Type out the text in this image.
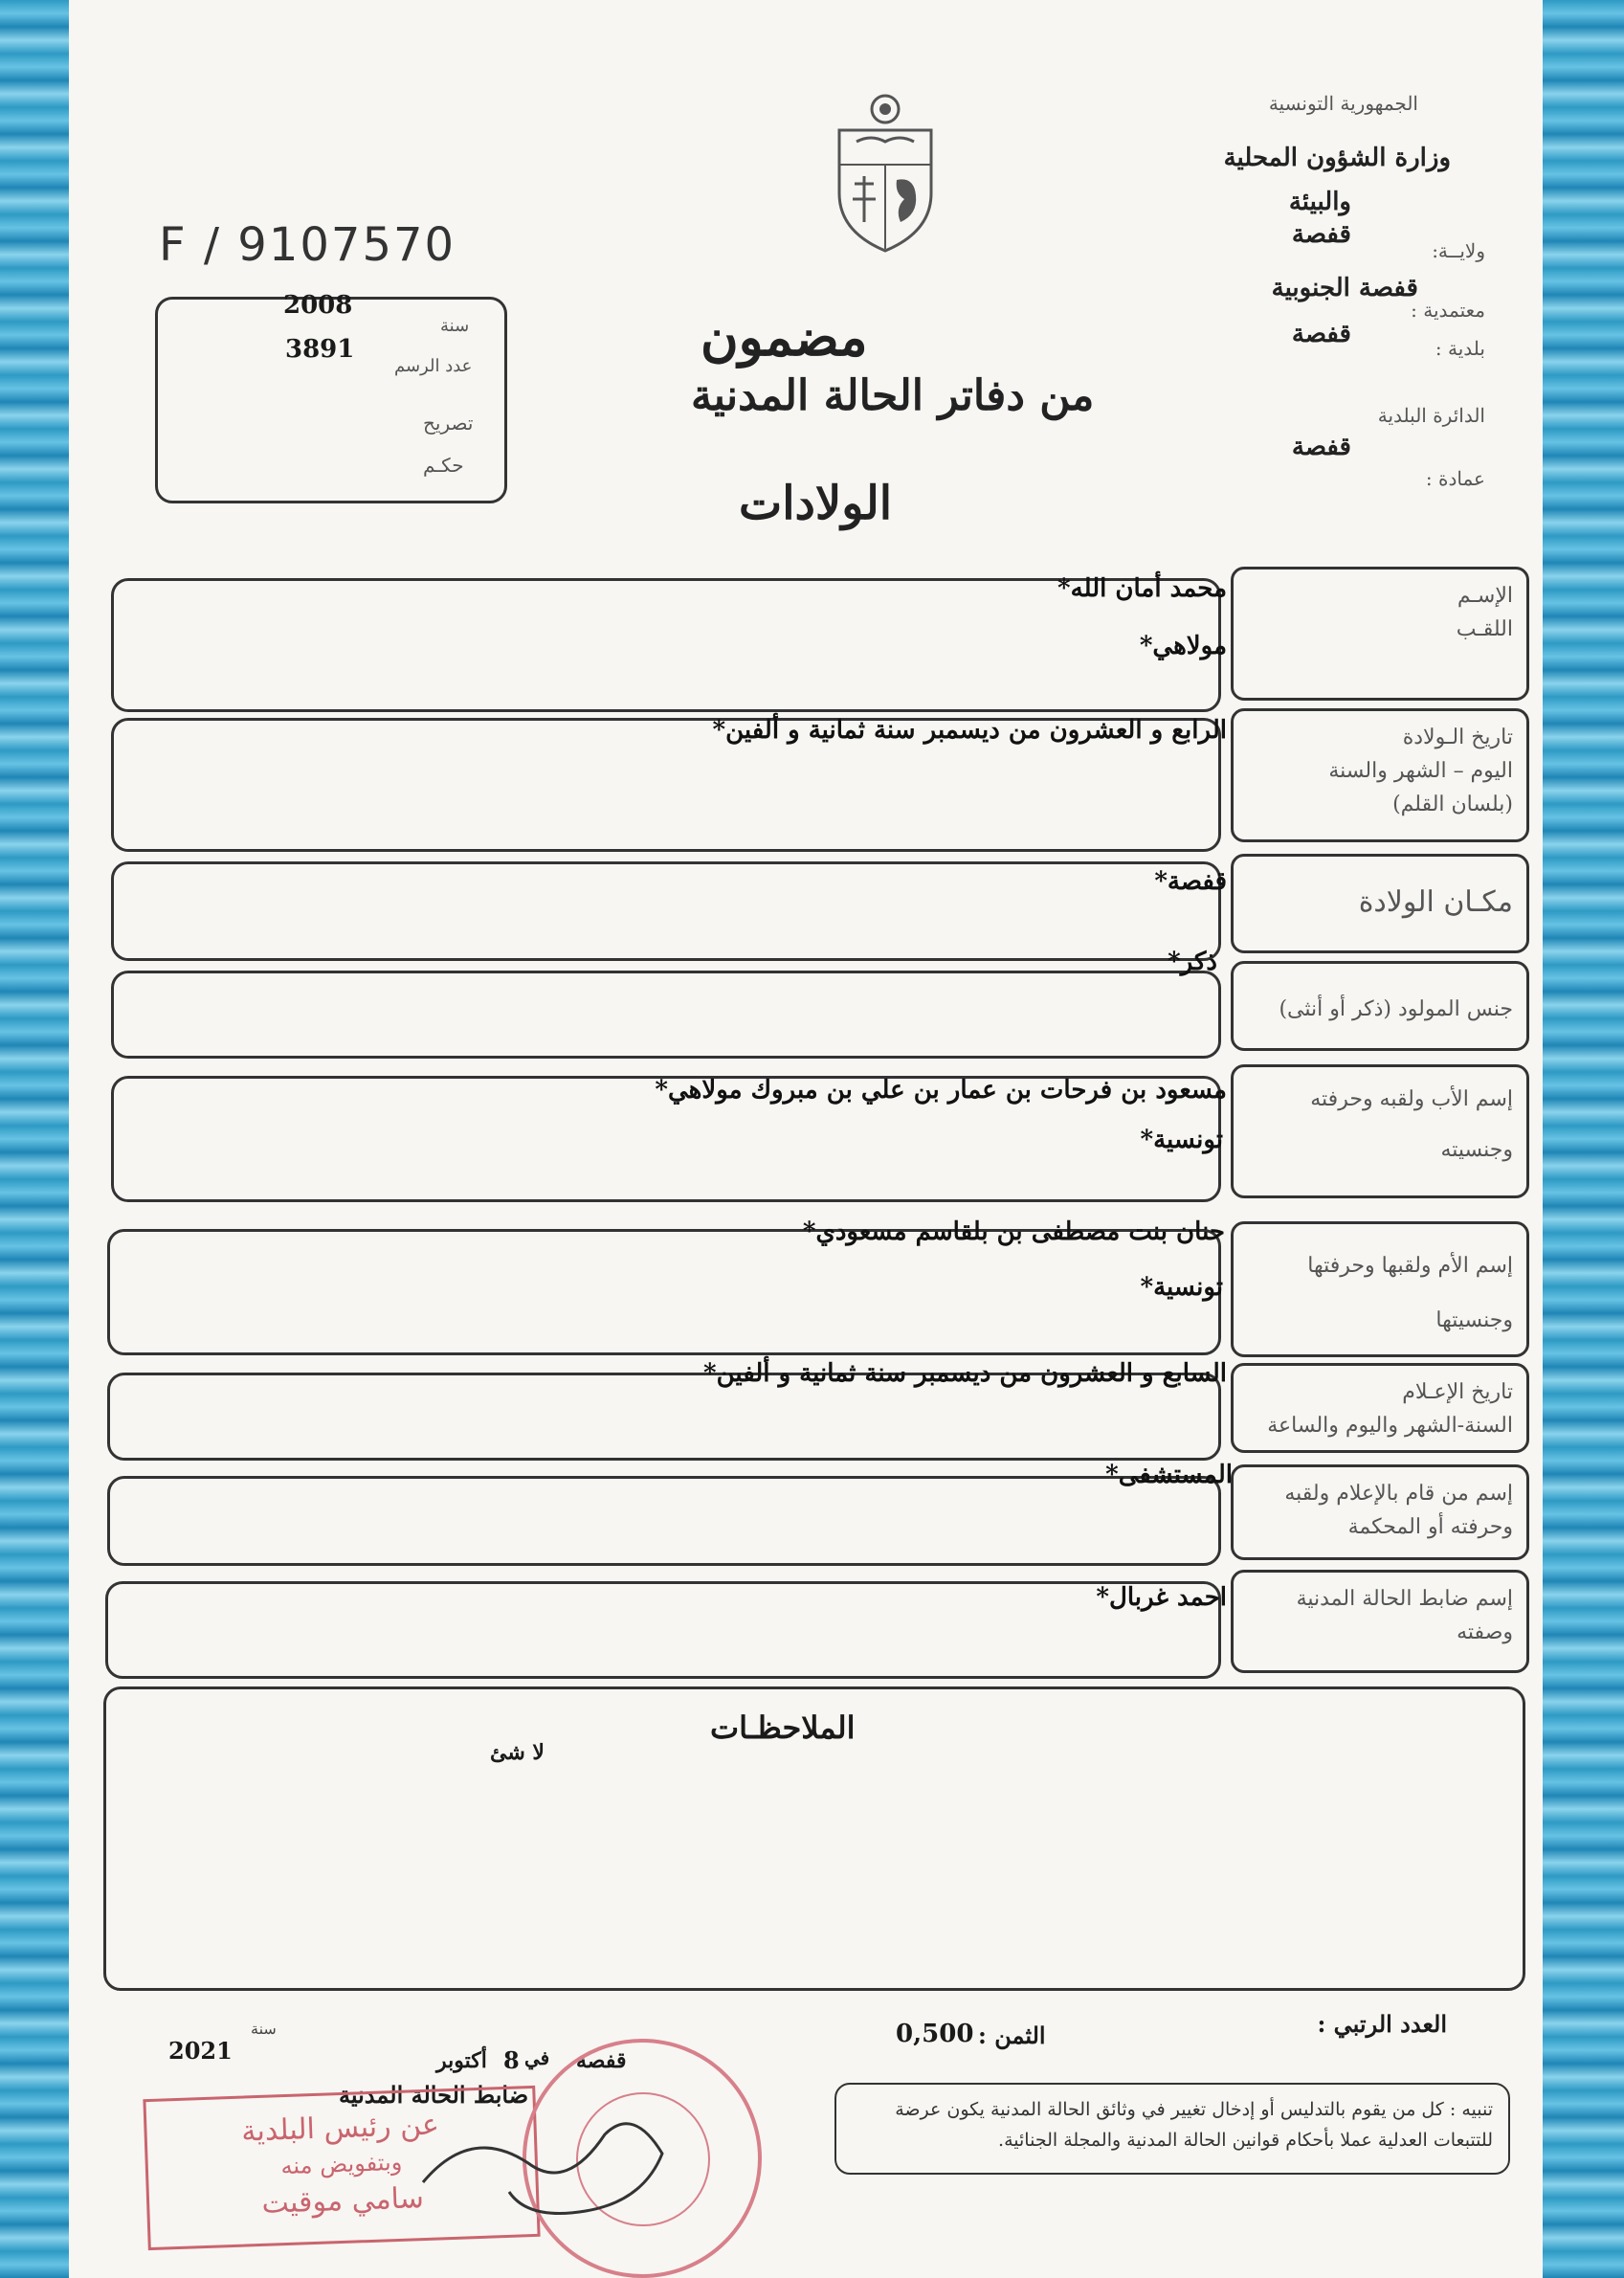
الجمهورية التونسية
وزارة الشؤون المحلية
والبيئة
ولايــة:
قفصة
معتمدية :
قفصة الجنوبية
بلدية :
قفصة
الدائرة البلدية
قفصة
عمادة :
F / 9107570
سنة
2008
عدد الرسم
3891
تصريح
حكـم
مضمون
من دفاتر الحالة المدنية
الولادات
الإسـم
اللقـب
تاريخ الـولادة
اليوم – الشهر والسنة
(بلسان القلم)
مكـان الولادة
جنس المولود (ذكر أو أنثى)
إسم الأب ولقبه وحرفته
وجنسيته
إسم الأم ولقبها وحرفتها
وجنسيتها
تاريخ الإعـلام
السنة-الشهر واليوم والساعة
إسم من قام بالإعلام ولقبه
وحرفته أو المحكمة
إسم ضابط الحالة المدنية
وصفته
محمد أمان الله*
مولاهي*
الرابع و العشرون من ديسمبر سنة ثمانية و ألفين*
قفصة*
ذكر*
مسعود بن فرحات بن عمار بن علي بن مبروك مولاهي*
تونسية*
حنان بنت مصطفى بن بلقاسم مسعودي*
تونسية*
السابع و العشرون من ديسمبر سنة ثمانية و ألفين*
المستشفى*
احمد غربال*
الملاحظـات
لا شئ
العدد الرتبي :
الثمن :
0,500
قفصة
في
8
أكتوبر
سنة
2021
ضابط الحالة المدنية
تنبيه : كل من يقوم بالتدليس أو إدخال تغيير في وثائق الحالة المدنية يكون عرضة للتتبعات العدلية عملا بأحكام قوانين الحالة المدنية والمجلة الجنائية.
عن رئيس البلدية
وبتفويض منه
سامي موقيت
